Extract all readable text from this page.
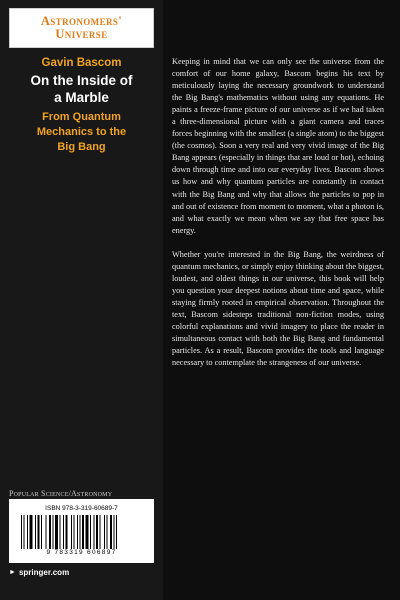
Astronomers'
Universe
Gavin Bascom
On the Inside of
a Marble
From Quantum
Mechanics to the
Big Bang

Keeping in mind that we can only see the universe from the comfort of our home galaxy, Bascom begins his text by meticulously laying the necessary groundwork to understand the Big Bang's mathematics without using any equations. He paints a freeze-frame picture of our universe as if we had taken a three-dimensional picture with a giant camera and traces forces beginning with the smallest (a single atom) to the biggest (the cosmos). Soon a very real and very vivid image of the Big Bang appears (especially in things that are loud or hot), echoing down through time and into our everyday lives. Bascom shows us how and why quantum particles are constantly in contact with the Big Bang and why that allows the particles to pop in and out of existence from moment to moment, what a photon is, and what exactly we mean when we say that free space has energy.

Whether you're interested in the Big Bang, the weirdness of quantum mechanics, or simply enjoy thinking about the biggest, loudest, and oldest things in our universe, this book will help you question your deepest notions about time and space, while staying firmly rooted in empirical observation. Throughout the text, Bascom sidesteps traditional non-fiction modes, using colorful explanations and vivid imagery to place the reader in simultaneous contact with both the Big Bang and fundamental particles. As a result, Bascom provides the tools and language necessary to contemplate the strangeness of our universe.

Popular Science/Astronomy
ISBN 978-3-319-60689-7
9 783319 606897
► springer.com
